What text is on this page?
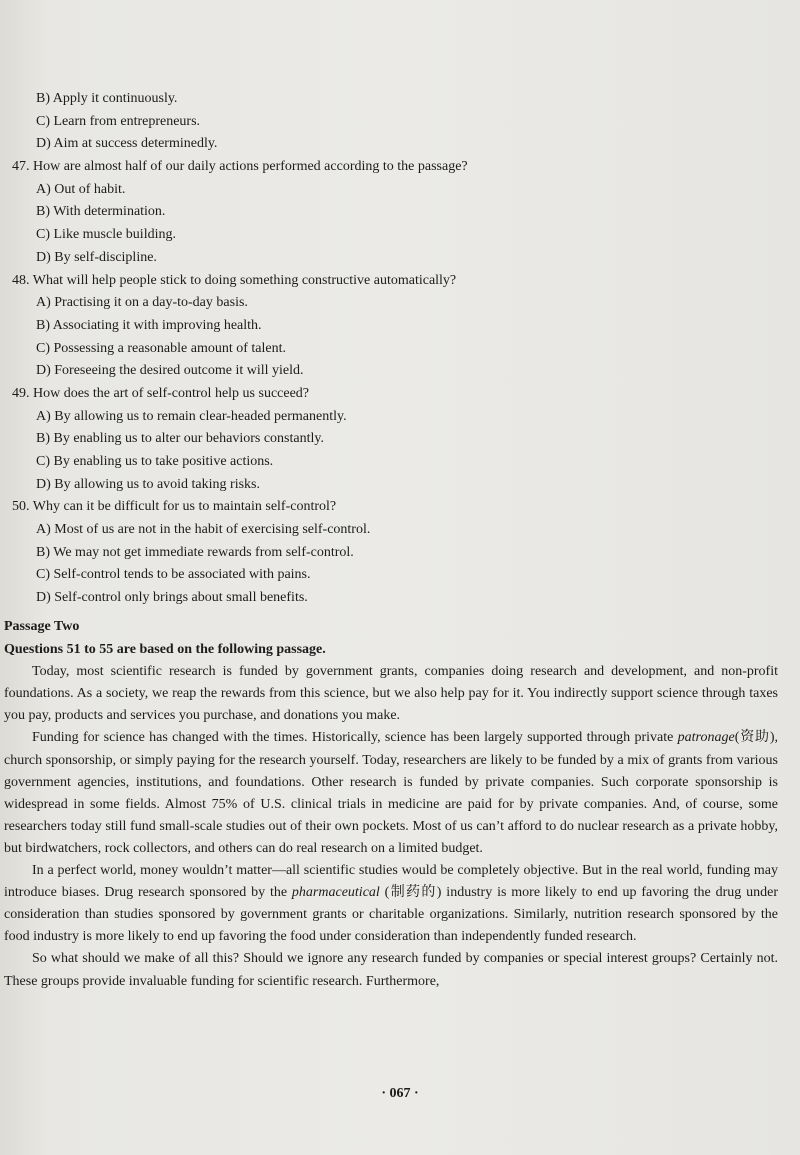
B) Apply it continuously.
C) Learn from entrepreneurs.
D) Aim at success determinedly.
47. How are almost half of our daily actions performed according to the passage?
A) Out of habit.
B) With determination.
C) Like muscle building.
D) By self-discipline.
48. What will help people stick to doing something constructive automatically?
A) Practising it on a day-to-day basis.
B) Associating it with improving health.
C) Possessing a reasonable amount of talent.
D) Foreseeing the desired outcome it will yield.
49. How does the art of self-control help us succeed?
A) By allowing us to remain clear-headed permanently.
B) By enabling us to alter our behaviors constantly.
C) By enabling us to take positive actions.
D) By allowing us to avoid taking risks.
50. Why can it be difficult for us to maintain self-control?
A) Most of us are not in the habit of exercising self-control.
B) We may not get immediate rewards from self-control.
C) Self-control tends to be associated with pains.
D) Self-control only brings about small benefits.
Passage Two
Questions 51 to 55 are based on the following passage.

Today, most scientific research is funded by government grants, companies doing research and development, and non-profit foundations. As a society, we reap the rewards from this science, but we also help pay for it. You indirectly support science through taxes you pay, products and services you purchase, and donations you make.

Funding for science has changed with the times. Historically, science has been largely supported through private patronage(资助), church sponsorship, or simply paying for the research yourself. Today, researchers are likely to be funded by a mix of grants from various government agencies, institutions, and foundations. Other research is funded by private companies. Such corporate sponsorship is widespread in some fields. Almost 75% of U.S. clinical trials in medicine are paid for by private companies. And, of course, some researchers today still fund small-scale studies out of their own pockets. Most of us can’t afford to do nuclear research as a private hobby, but birdwatchers, rock collectors, and others can do real research on a limited budget.

In a perfect world, money wouldn’t matter—all scientific studies would be completely objective. But in the real world, funding may introduce biases. Drug research sponsored by the pharmaceutical (制药的) industry is more likely to end up favoring the drug under consideration than studies sponsored by government grants or charitable organizations. Similarly, nutrition research sponsored by the food industry is more likely to end up favoring the food under consideration than independently funded research.

So what should we make of all this? Should we ignore any research funded by companies or special interest groups? Certainly not. These groups provide invaluable funding for scientific research. Furthermore,

· 067 ·
